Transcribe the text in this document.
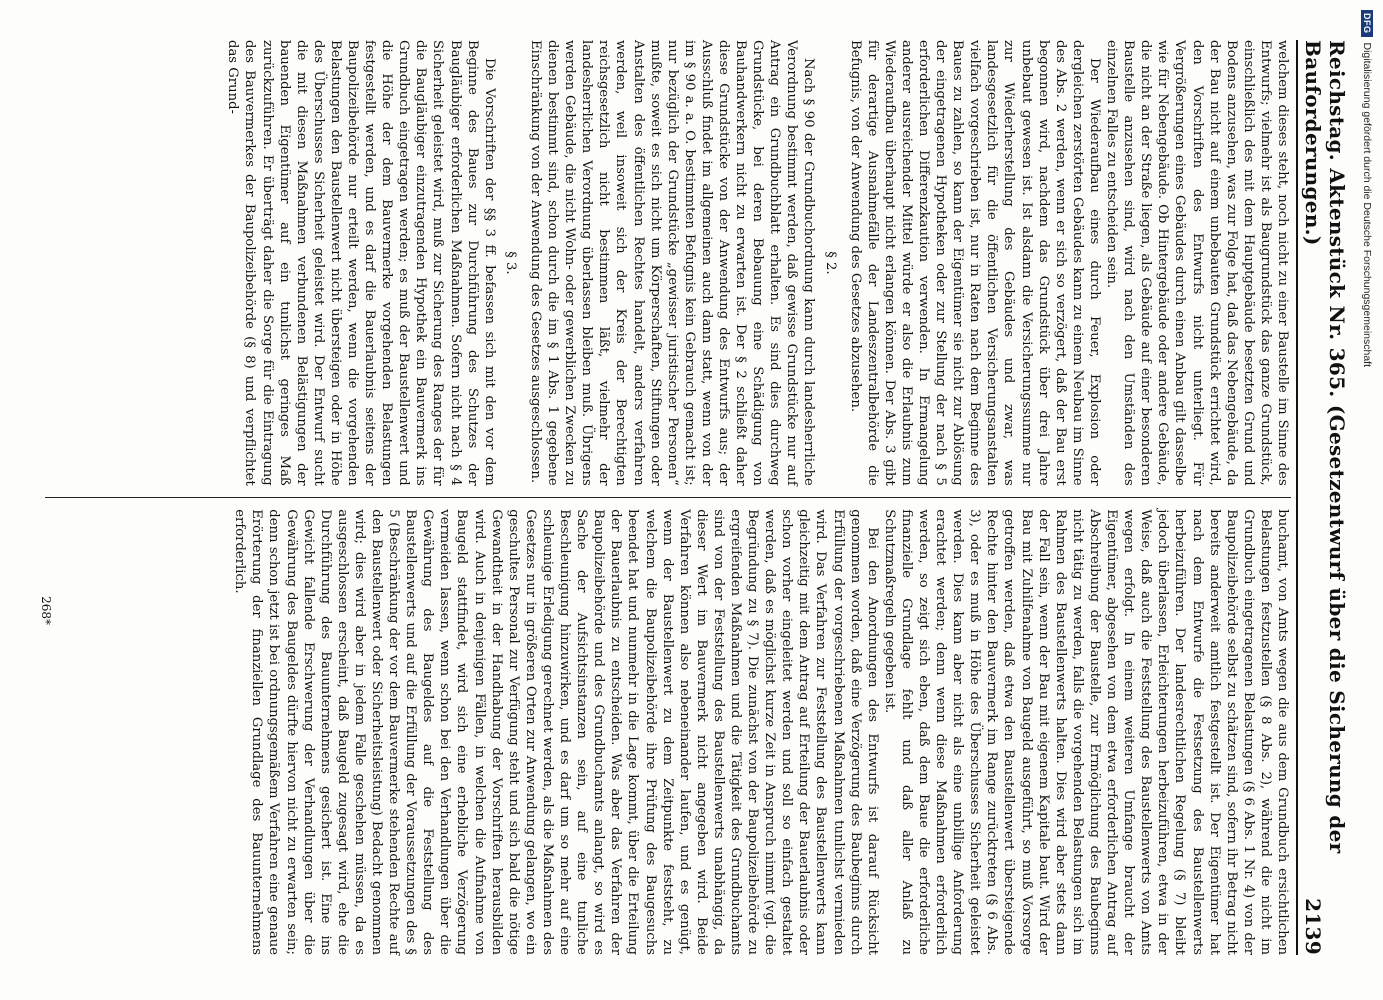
Reichstag. Aktenstück Nr. 365. (Gesetzentwurf über die Sicherung der Bauforderungen.)
2139

welchem dieses steht, noch nicht zu einer Baustelle im Sinne des Entwurfs; vielmehr ist als Baugrundstück das ganze Grundstück, einschließlich des mit dem Hauptgebäude besetzten Grund und Bodens anzusehen, was zur Folge hat, daß das Nebengebäude, da der Bau nicht auf einem unbebauten Grundstück errichtet wird, den Vorschriften des Entwurfs nicht unterliegt. Für Vergrößerungen eines Gebäudes durch einen Anbau gilt dasselbe wie für Nebengebäude. Ob Hintergebäude oder andere Gebäude, die nicht an der Straße liegen, als Gebäude auf einer besonderen Baustelle anzusehen sind, wird nach den Umständen des einzelnen Falles zu entscheiden sein.

Der Wiederaufbau eines durch Feuer, Explosion oder dergleichen zerstörten Gebäudes kann zu einem Neubau im Sinne des Abs. 2 werden, wenn er sich so verzögert, daß der Bau erst begonnen wird, nachdem das Grundstück über drei Jahre unbebaut gewesen ist. Ist alsdann die Versicherungssumme nur zur Wiederherstellung des Gebäudes und zwar, was landesgesetzlich für die öffentlichen Versicherungsanstalten vielfach vorgeschrieben ist, nur in Raten nach dem Beginne des Baues zu zahlen, so kann der Eigentümer sie nicht zur Ablösung der eingetragenen Hypotheken oder zur Stellung der nach § 5 erforderlichen Differenzkaution verwenden. In Ermangelung anderer ausreichender Mittel würde er also die Erlaubnis zum Wiederaufbau überhaupt nicht erlangen können. Der Abs. 3 gibt für derartige Ausnahmefälle der Landeszentralbehörde die Befugnis, von der Anwendung des Gesetzes abzusehen.

§ 2.

Nach § 90 der Grundbuchordnung kann durch landesherrliche Verordnung bestimmt werden, daß gewisse Grundstücke nur auf Antrag ein Grundbuchblatt erhalten. Es sind dies durchweg Grundstücke, bei deren Bebauung eine Schädigung von Bauhandwerkern nicht zu erwarten ist. Der § 2 schließt daher diese Grundstücke von der Anwendung des Entwurfs aus; der Ausschluß findet im allgemeinen auch dann statt, wenn von der im § 90 a. a. O. bestimmten Befugnis kein Gebrauch gemacht ist; nur bezüglich der Grundstücke „gewisser juristischer Personen“ mußte, soweit es sich nicht um Körperschaften, Stiftungen oder Anstalten des öffentlichen Rechtes handelt, anders verfahren werden, weil insoweit sich der Kreis der Berechtigten reichsgesetzlich nicht bestimmen läßt, vielmehr der landesherrlichen Verordnung überlassen bleiben muß. Übrigens werden Gebäude, die nicht Wohn- oder gewerblichen Zwecken zu dienen bestimmt sind, schon durch die im § 1 Abs. 1 gegebene Einschränkung von der Anwendung des Gesetzes ausgeschlossen.

§ 3.

Die Vorschriften der §§ 3 ff. befassen sich mit den vor dem Beginne des Baues zur Durchführung des Schutzes der Baugläubiger erforderlichen Maßnahmen. Sofern nicht nach § 4 Sicherheit geleistet wird, muß zur Sicherung des Ranges der für die Baugläubiger einzutragenden Hypothek ein Bauvermerk ins Grundbuch eingetragen werden; es muß der Baustellenwert und die Höhe der dem Bauvermerke vorgehenden Belastungen festgestellt werden, und es darf die Bauerlaubnis seitens der Baupolizeibehörde nur erteilt werden, wenn die vorgehenden Belastungen den Baustellenwert nicht übersteigen oder in Höhe des Überschusses Sicherheit geleistet wird. Der Entwurf sucht die mit diesen Maßnahmen verbundenen Belästigungen der bauenden Eigentümer auf ein tunlichst geringes Maß zurückzuführen. Er überträgt daher die Sorge für die Eintragung des Bauvermerkes der Baupolizeibehörde (§ 8) und verpflichtet das Grund-

buchamt, von Amts wegen die aus dem Grundbuch ersichtlichen Belastungen festzustellen (§ 8 Abs. 2), während die nicht im Grundbuch eingetragenen Belastungen (§ 6 Abs. 1 Nr. 4) von der Baupolizeibehörde selbst zu schätzen sind, sofern ihr Betrag nicht bereits anderweit amtlich festgestellt ist. Der Eigentümer hat nach dem Entwurfe die Festsetzung des Baustellenwerts herbeizuführen. Der landesrechtlichen Regelung (§ 7) bleibt jedoch überlassen, Erleichterungen herbeizuführen, etwa in der Weise, daß auch die Feststellung des Baustellenwerts von Amts wegen erfolgt. In einem weiteren Umfange braucht der Eigentümer, abgesehen von dem etwa erforderlichen Antrag auf Abschreibung der Baustelle, zur Ermöglichung des Baubeginns nicht tätig zu werden, falls die vorgehenden Belastungen sich im Rahmen des Baustellenwerts halten. Dies wird aber stets dann der Fall sein, wenn der Bau mit eigenem Kapitale baut. Wird der Bau mit Zuhilfenahme von Baugeld ausgeführt, so muß Vorsorge getroffen werden, daß etwa den Baustellenwert übersteigende Rechte hinter den Bauvermerk im Range zurücktreten (§ 6 Abs. 3), oder es muß in Höhe des Überschusses Sicherheit geleistet werden. Dies kann aber nicht als eine unbillige Anforderung erachtet werden; denn wenn diese Maßnahmen erforderlich werden, so zeigt sich eben, daß dem Baue die erforderliche finanzielle Grundlage fehlt und daß aller Anlaß zu Schutzmaßregeln gegeben ist.

Bei den Anordnungen des Entwurfs ist darauf Rücksicht genommen worden, daß eine Verzögerung des Baubeginns durch Erfüllung der vorgeschriebenen Maßnahmen tunlichst vermieden wird. Das Verfahren zur Feststellung des Baustellenwerts kann gleichzeitig mit dem Antrag auf Erteilung der Bauerlaubnis oder schon vorher eingeleitet werden und soll so einfach gestaltet werden, daß es möglichst kurze Zeit in Anspruch nimmt (vgl. die Begründung zu § 7). Die zunächst von der Baupolizeibehörde zu ergreifenden Maßnahmen und die Tätigkeit des Grundbuchamts sind von der Feststellung des Baustellenwerts unabhängig, da dieser Wert im Bauvermerk nicht angegeben wird. Beide Verfahren können also nebeneinander laufen, und es genügt, wenn der Baustellenwert zu dem Zeitpunkte feststeht, zu welchem die Baupolizeibehörde ihre Prüfung des Baugesuchs beendet hat und nunmehr in die Lage kommt, über die Erteilung der Bauerlaubnis zu entscheiden. Was aber das Verfahren der Baupolizeibehörde und des Grundbuchamts anlangt, so wird es Sache der Aufsichtsinstanzen sein, auf eine tunliche Beschleunigung hinzuwirken, und es darf um so mehr auf eine schleunige Erledigung gerechnet werden, als die Maßnahmen des Gesetzes nur in größeren Orten zur Anwendung gelangen, wo ein geschultes Personal zur Verfügung steht und sich bald die nötige Gewandtheit in der Handhabung der Vorschriften herausbilden wird. Auch in denjenigen Fällen, in welchen die Aufnahme von Baugeld stattfindet, wird sich eine erhebliche Verzögerung vermeiden lassen, wenn schon bei den Verhandlungen über die Gewährung des Baugeldes auf die Feststellung des Baustellenwerts und auf die Erfüllung der Voraussetzungen des § 5 (Beschränkung der vor dem Bauvermerke stehenden Rechte auf den Baustellenwert oder Sicherheitsleistung) Bedacht genommen wird; dies wird aber in jedem Falle geschehen müssen, da es ausgeschlossen erscheint, daß Baugeld zugesagt wird, ehe die Durchführung des Bauunternehmens gesichert ist. Eine ins Gewicht fallende Erschwerung der Verhandlungen über die Gewährung des Baugeldes dürfte hiervon nicht zu erwarten sein; denn schon jetzt ist bei ordnungsgemäßem Verfahren eine genaue Erörterung der finanziellen Grundlage des Bauunternehmens erforderlich.

268*
DFG
Digitalisierung gefördert durch die Deutsche Forschungsgemeinschaft
